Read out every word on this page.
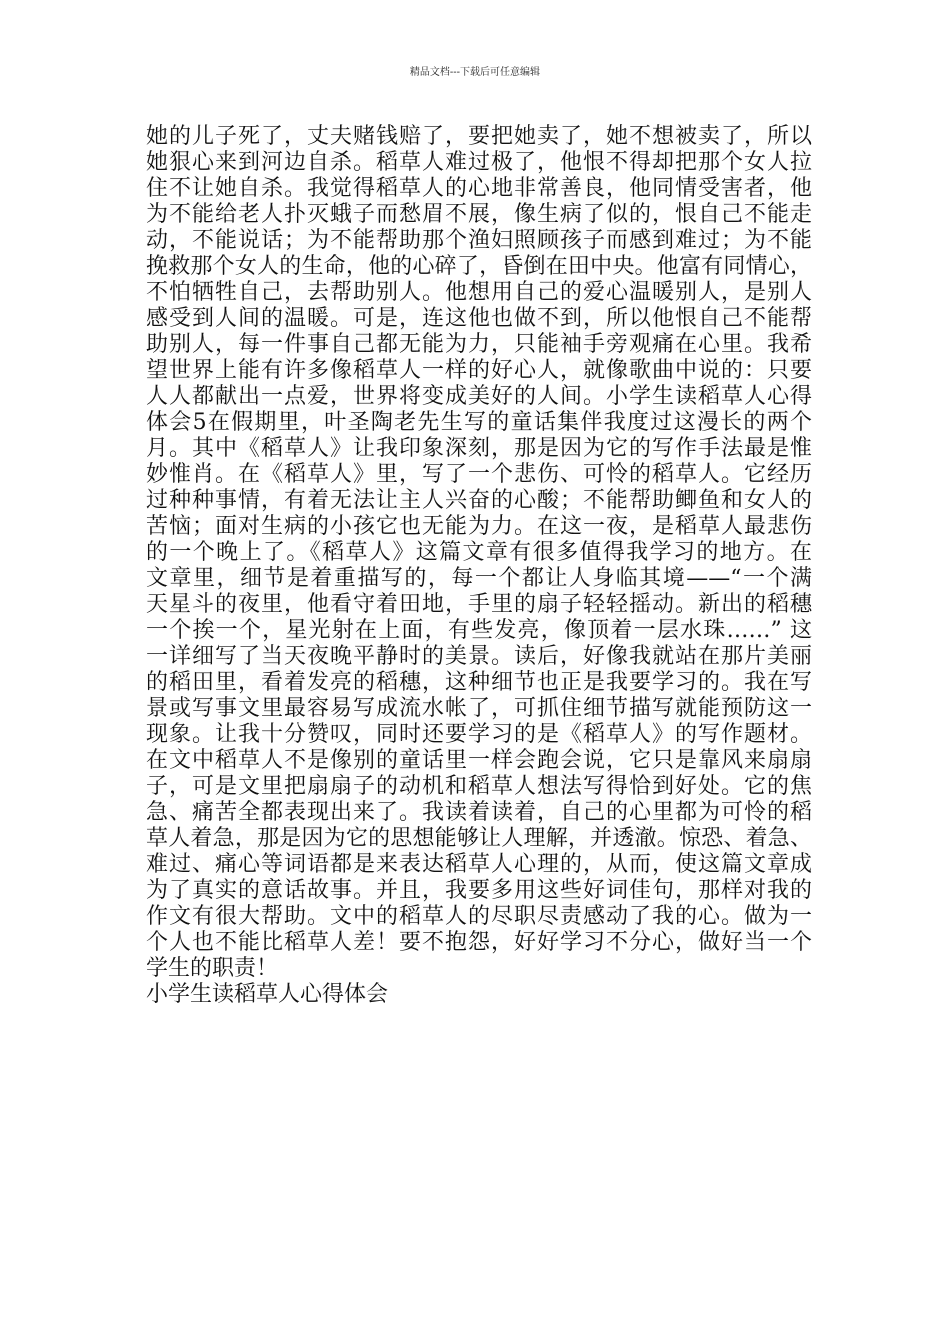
精品文档---下载后可任意编辑
她的儿子死了，丈夫赌钱赔了，要把她卖了，她不想被卖了，所以
她狠心来到河边自杀。稻草人难过极了，他恨不得却把那个女人拉
住不让她自杀。我觉得稻草人的心地非常善良，他同情受害者，他
为不能给老人扑灭蛾子而愁眉不展，像生病了似的，恨自己不能走
动，不能说话；为不能帮助那个渔妇照顾孩子而感到难过；为不能
挽救那个女人的生命，他的心碎了，昏倒在田中央。他富有同情心，
不怕牺牲自己，去帮助别人。他想用自己的爱心温暖别人，是别人
感受到人间的温暖。可是，连这他也做不到，所以他恨自己不能帮
助别人，每一件事自己都无能为力，只能袖手旁观痛在心里。我希
望世界上能有许多像稻草人一样的好心人，就像歌曲中说的：只要
人人都献出一点爱，世界将变成美好的人间。小学生读稻草人心得
体会5在假期里，叶圣陶老先生写的童话集伴我度过这漫长的两个
月。其中《稻草人》让我印象深刻，那是因为它的写作手法最是惟
妙惟肖。在《稻草人》里，写了一个悲伤、可怜的稻草人。它经历
过种种事情，有着无法让主人兴奋的心酸；不能帮助鲫鱼和女人的
苦恼；面对生病的小孩它也无能为力。在这一夜，是稻草人最悲伤
的一个晚上了。《稻草人》这篇文章有很多值得我学习的地方。在
文章里，细节是着重描写的，每一个都让人身临其境——“一个满
天星斗的夜里，他看守着田地，手里的扇子轻轻摇动。新出的稻穗
一个挨一个，星光射在上面，有些发亮，像顶着一层水珠……” 这
一详细写了当天夜晚平静时的美景。读后，好像我就站在那片美丽
的稻田里，看着发亮的稻穗，这种细节也正是我要学习的。我在写
景或写事文里最容易写成流水帐了，可抓住细节描写就能预防这一
现象。让我十分赞叹，同时还要学习的是《稻草人》的写作题材。
在文中稻草人不是像别的童话里一样会跑会说，它只是靠风来扇扇
子，可是文里把扇扇子的动机和稻草人想法写得恰到好处。它的焦
急、痛苦全都表现出来了。我读着读着，自己的心里都为可怜的稻
草人着急，那是因为它的思想能够让人理解，并透澈。惊恐、着急、
难过、痛心等词语都是来表达稻草人心理的，从而，使这篇文章成
为了真实的意话故事。并且，我要多用这些好词佳句，那样对我的
作文有很大帮助。文中的稻草人的尽职尽责感动了我的心。做为一
个人也不能比稻草人差！要不抱怨，好好学习不分心，做好当一个
学生的职责！
小学生读稻草人心得体会
